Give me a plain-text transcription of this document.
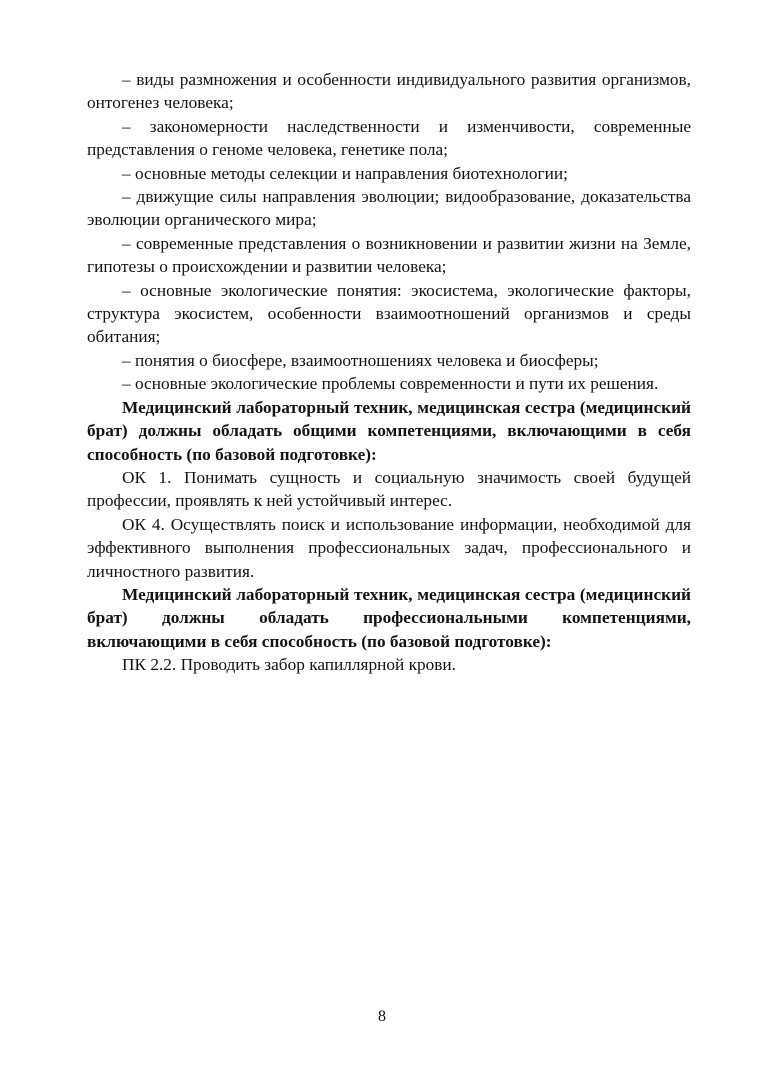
– виды размножения и особенности индивидуального развития организмов, онтогенез человека;

– закономерности наследственности и изменчивости, современные представления о геноме человека, генетике пола;

– основные методы селекции и направления биотехнологии;

– движущие силы направления эволюции; видообразование, доказательства эволюции органического мира;

– современные представления о возникновении и развитии жизни на Земле, гипотезы о происхождении и развитии человека;

– основные экологические понятия: экосистема, экологические факторы, структура экосистем, особенности взаимоотношений организмов и среды обитания;

– понятия о биосфере, взаимоотношениях человека и биосферы;

– основные экологические проблемы современности и пути их решения.

Медицинский лабораторный техник, медицинская сестра (медицинский брат) должны обладать общими компетенциями, включающими в себя способность (по базовой подготовке):

ОК 1. Понимать сущность и социальную значимость своей будущей профессии, проявлять к ней устойчивый интерес.

ОК 4. Осуществлять поиск и использование информации, необходимой для эффективного выполнения профессиональных задач, профессионального и личностного развития.

Медицинский лабораторный техник, медицинская сестра (медицинский брат) должны обладать профессиональными компетенциями, включающими в себя способность (по базовой подготовке):

ПК 2.2. Проводить забор капиллярной крови.

8
